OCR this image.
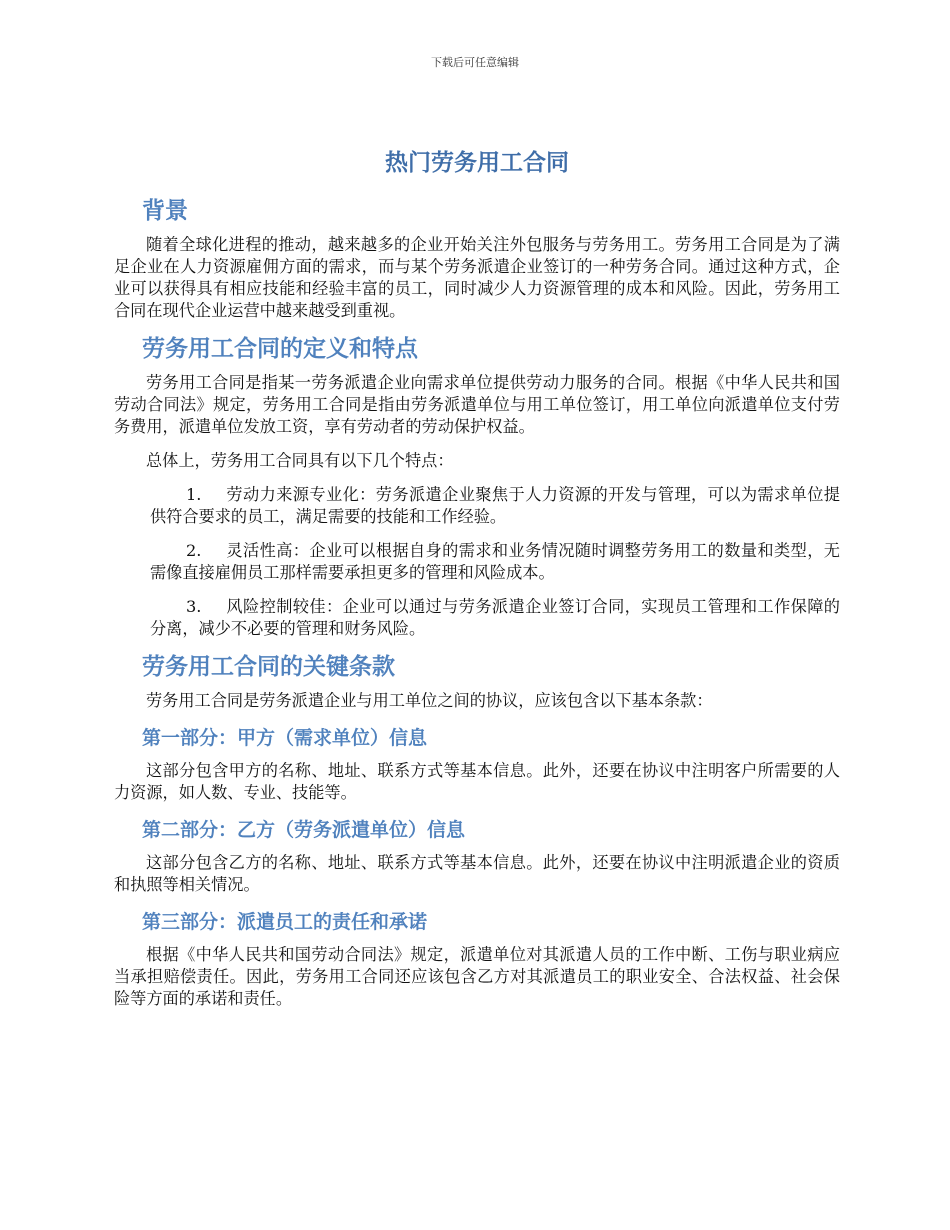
下载后可任意编辑
热门劳务用工合同
背景

随着全球化进程的推动，越来越多的企业开始关注外包服务与劳务用工。劳务用工合同是为了满足企业在人力资源雇佣方面的需求，而与某个劳务派遣企业签订的一种劳务合同。通过这种方式，企业可以获得具有相应技能和经验丰富的员工，同时减少人力资源管理的成本和风险。因此，劳务用工合同在现代企业运营中越来越受到重视。

劳务用工合同的定义和特点

劳务用工合同是指某一劳务派遣企业向需求单位提供劳动力服务的合同。根据《中华人民共和国劳动合同法》规定，劳务用工合同是指由劳务派遣单位与用工单位签订，用工单位向派遣单位支付劳务费用，派遣单位发放工资，享有劳动者的劳动保护权益。

总体上，劳务用工合同具有以下几个特点：

1. 劳动力来源专业化：劳务派遣企业聚焦于人力资源的开发与管理，可以为需求单位提供符合要求的员工，满足需要的技能和工作经验。
2. 灵活性高：企业可以根据自身的需求和业务情况随时调整劳务用工的数量和类型，无需像直接雇佣员工那样需要承担更多的管理和风险成本。
3. 风险控制较佳：企业可以通过与劳务派遣企业签订合同，实现员工管理和工作保障的分离，减少不必要的管理和财务风险。
劳务用工合同的关键条款

劳务用工合同是劳务派遣企业与用工单位之间的协议，应该包含以下基本条款：

第一部分：甲方（需求单位）信息

这部分包含甲方的名称、地址、联系方式等基本信息。此外，还要在协议中注明客户所需要的人力资源，如人数、专业、技能等。

第二部分：乙方（劳务派遣单位）信息

这部分包含乙方的名称、地址、联系方式等基本信息。此外，还要在协议中注明派遣企业的资质和执照等相关情况。

第三部分：派遣员工的责任和承诺

根据《中华人民共和国劳动合同法》规定，派遣单位对其派遣人员的工作中断、工伤与职业病应当承担赔偿责任。因此，劳务用工合同还应该包含乙方对其派遣员工的职业安全、合法权益、社会保险等方面的承诺和责任。
